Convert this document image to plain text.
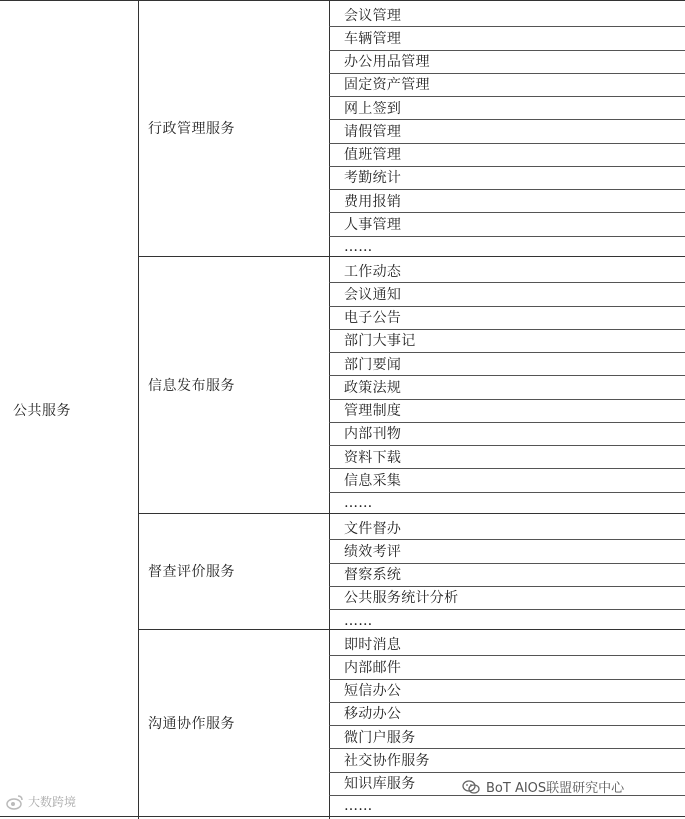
公共服务
行政管理服务
会议管理
车辆管理
办公用品管理
固定资产管理
网上签到
请假管理
值班管理
考勤统计
费用报销
人事管理
……
信息发布服务
工作动态
会议通知
电子公告
部门大事记
部门要闻
政策法规
管理制度
内部刊物
资料下载
信息采集
……
督查评价服务
文件督办
绩效考评
督察系统
公共服务统计分析
……
沟通协作服务
即时消息
内部邮件
短信办公
移动办公
微门户服务
社交协作服务
知识库服务
……
大数跨境
BoT AIOS联盟研究中心
